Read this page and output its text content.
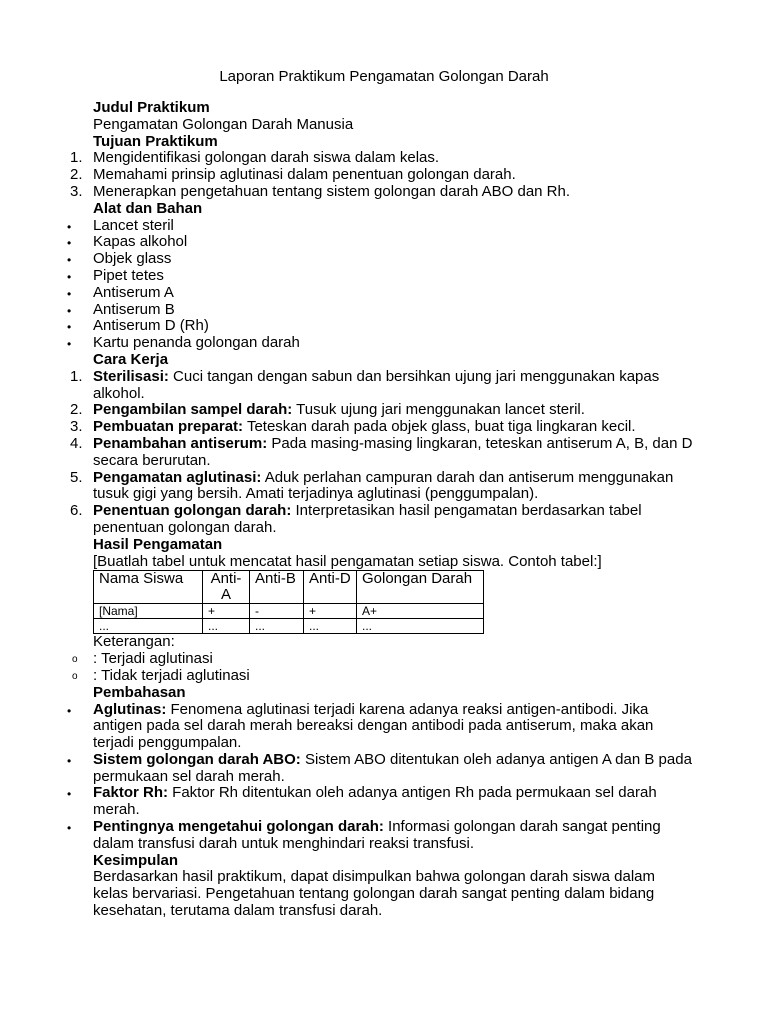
Laporan Praktikum Pengamatan Golongan Darah
Judul Praktikum
Pengamatan Golongan Darah Manusia
Tujuan Praktikum
1. Mengidentifikasi golongan darah siswa dalam kelas.
2. Memahami prinsip aglutinasi dalam penentuan golongan darah.
3. Menerapkan pengetahuan tentang sistem golongan darah ABO dan Rh.
Alat dan Bahan
• Lancet steril
• Kapas alkohol
• Objek glass
• Pipet tetes
• Antiserum A
• Antiserum B
• Antiserum D (Rh)
• Kartu penanda golongan darah
Cara Kerja
1. Sterilisasi: Cuci tangan dengan sabun dan bersihkan ujung jari menggunakan kapas alkohol.
2. Pengambilan sampel darah: Tusuk ujung jari menggunakan lancet steril.
3. Pembuatan preparat: Teteskan darah pada objek glass, buat tiga lingkaran kecil.
4. Penambahan antiserum: Pada masing-masing lingkaran, teteskan antiserum A, B, dan D secara berurutan.
5. Pengamatan aglutinasi: Aduk perlahan campuran darah dan antiserum menggunakan tusuk gigi yang bersih. Amati terjadinya aglutinasi (penggumpalan).
6. Penentuan golongan darah: Interpretasikan hasil pengamatan berdasarkan tabel penentuan golongan darah.
Hasil Pengamatan
[Buatlah tabel untuk mencatat hasil pengamatan setiap siswa. Contoh tabel:]
Nama Siswa	Anti-A	Anti-B	Anti-D	Golongan Darah
[Nama]	+	-	+	A+
...	...	...	...	...
Keterangan:
o : Terjadi aglutinasi
o : Tidak terjadi aglutinasi
Pembahasan
• Aglutinas: Fenomena aglutinasi terjadi karena adanya reaksi antigen-antibodi. Jika antigen pada sel darah merah bereaksi dengan antibodi pada antiserum, maka akan terjadi penggumpalan.
• Sistem golongan darah ABO: Sistem ABO ditentukan oleh adanya antigen A dan B pada permukaan sel darah merah.
• Faktor Rh: Faktor Rh ditentukan oleh adanya antigen Rh pada permukaan sel darah merah.
• Pentingnya mengetahui golongan darah: Informasi golongan darah sangat penting dalam transfusi darah untuk menghindari reaksi transfusi.
Kesimpulan
Berdasarkan hasil praktikum, dapat disimpulkan bahwa golongan darah siswa dalam kelas bervariasi. Pengetahuan tentang golongan darah sangat penting dalam bidang kesehatan, terutama dalam transfusi darah.
